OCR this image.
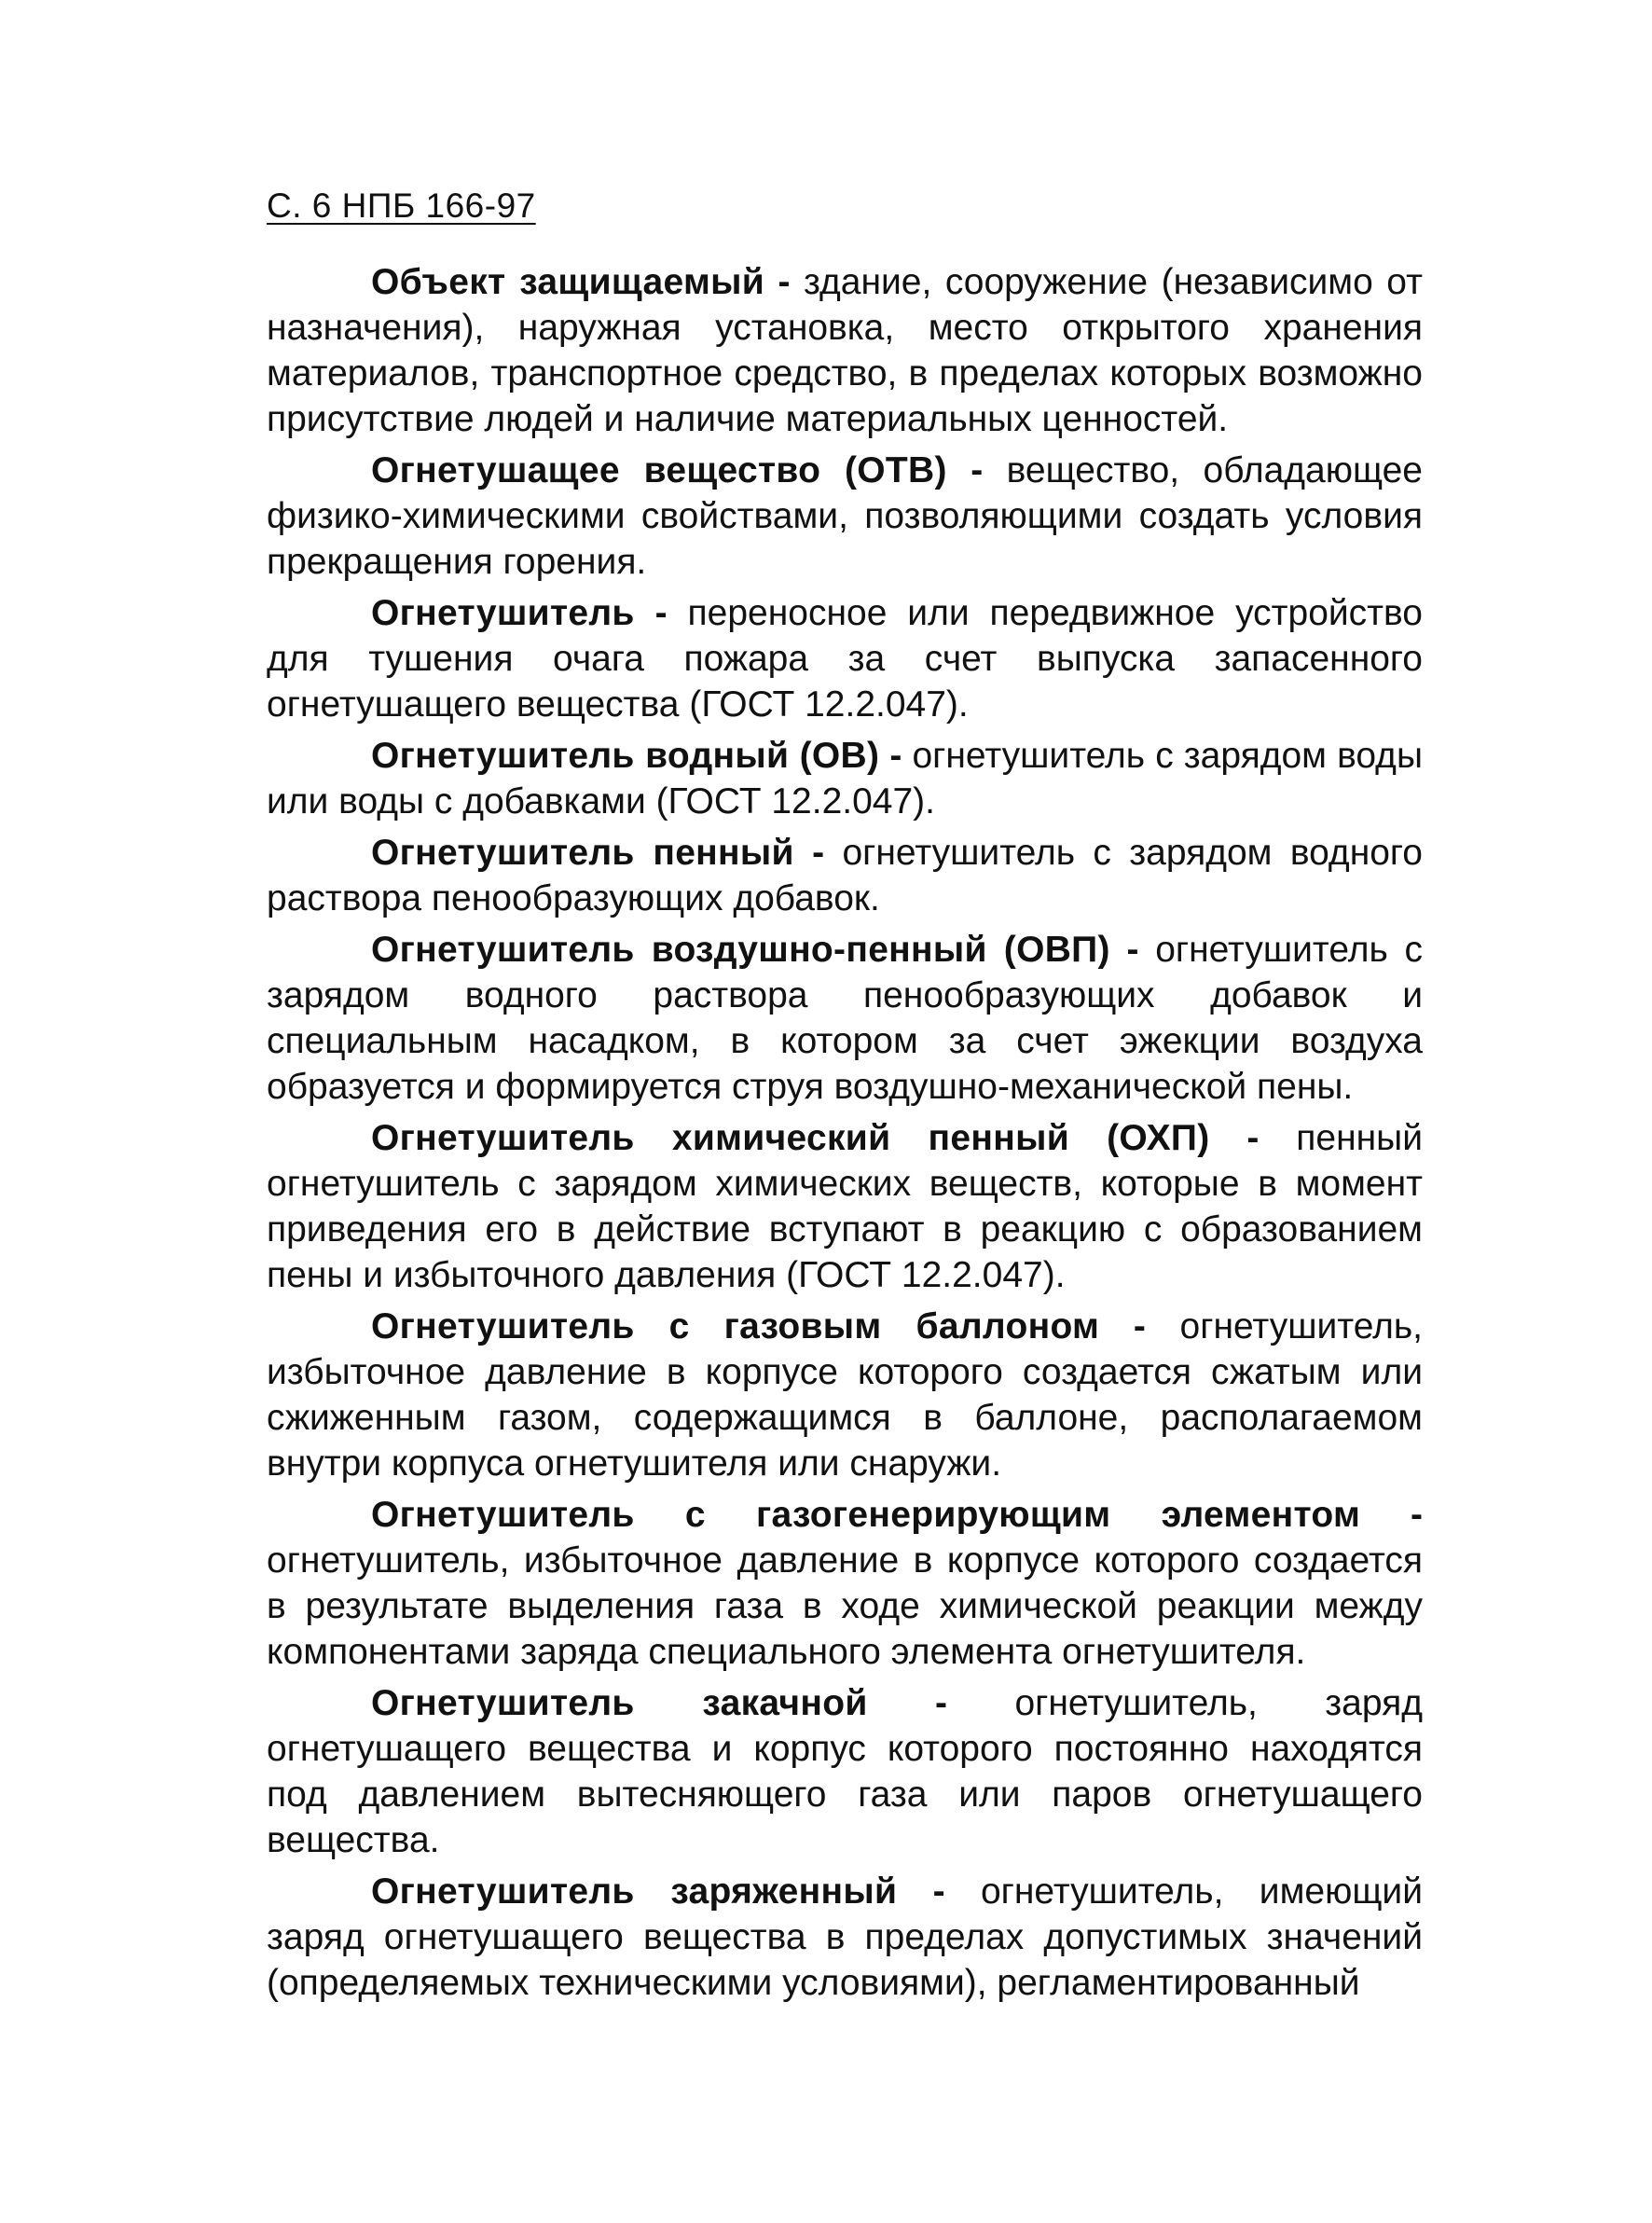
С. 6 НПБ 166-97

Объект защищаемый - здание, сооружение (независимо от назначения), наружная установка, место открытого хранения материалов, транспортное средство, в пределах которых возможно присутствие людей и наличие материальных ценностей.

Огнетушащее вещество (ОТВ) - вещество, обладающее физико-химическими свойствами, позволяющими создать условия прекращения горения.

Огнетушитель - переносное или передвижное устройство для тушения очага пожара за счет выпуска запасенного огнетушащего вещества (ГОСТ 12.2.047).

Огнетушитель водный (ОВ) - огнетушитель с зарядом воды или воды с добавками (ГОСТ 12.2.047).

Огнетушитель пенный - огнетушитель с зарядом водного раствора пенообразующих добавок.

Огнетушитель воздушно-пенный (ОВП) - огнетушитель с зарядом водного раствора пенообразующих добавок и специальным насадком, в котором за счет эжекции воздуха образуется и формируется струя воздушно-механической пены.

Огнетушитель химический пенный (ОХП) - пенный огнетушитель с зарядом химических веществ, которые в момент приведения его в действие вступают в реакцию с образованием пены и избыточного давления (ГОСТ 12.2.047).

Огнетушитель с газовым баллоном - огнетушитель, избыточное давление в корпусе которого создается сжатым или сжиженным газом, содержащимся в баллоне, располагаемом внутри корпуса огнетушителя или снаружи.

Огнетушитель с газогенерирующим элементом - огнетушитель, избыточное давление в корпусе которого создается в результате выделения газа в ходе химической реакции между компонентами заряда специального элемента огнетушителя.

Огнетушитель закачной - огнетушитель, заряд огнетушащего вещества и корпус которого постоянно находятся под давлением вытесняющего газа или паров огнетушащего вещества.

Огнетушитель заряженный - огнетушитель, имеющий заряд огнетушащего вещества в пределах допустимых значений (определяемых техническими условиями), регламентированный
